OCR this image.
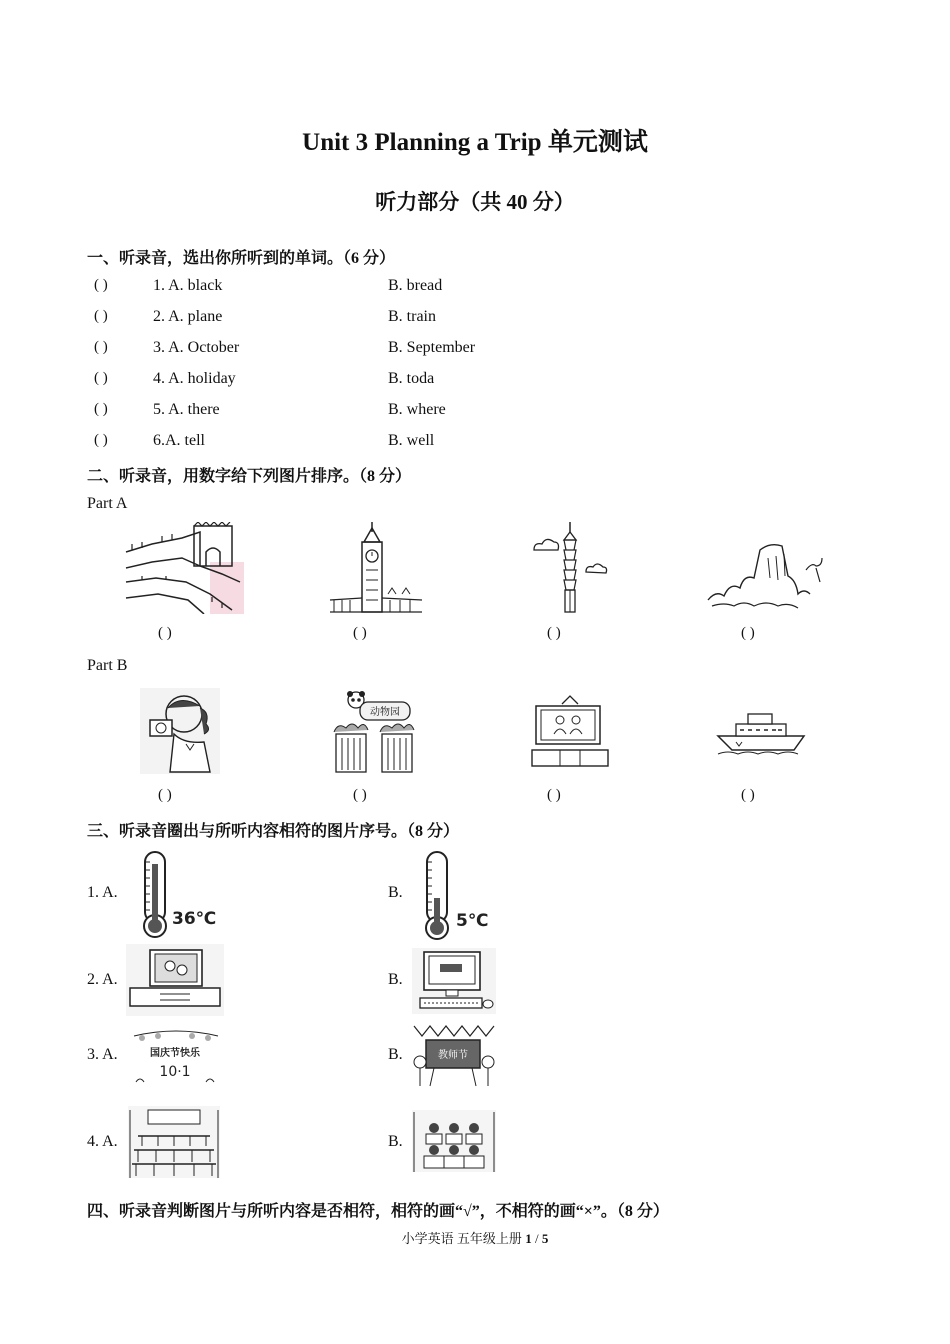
Unit 3 Planning a Trip 单元测试
听力部分（共 40 分）
一、听录音，选出你所听到的单词。（6 分）
( )	1. A. black	B. bread
( )	2. A. plane	B. train
( )	3. A. October	B. September
( )	4. A. holiday	B. toda
( )	5. A. there	B. where
( )	6.A. tell	B. well
二、听录音，用数字给下列图片排序。（8 分）
Part A
( )	( )	( )	( )
Part B
动物园
( )	( )	( )	( )
三、听录音圈出与所听内容相符的图片序号。（8 分）
1. A.
36℃
B.
5℃
2. A.	B.
3. A.	国庆节快乐
10·1
B.	教师节
4. A.	B.
四、听录音判断图片与所听内容是否相符，相符的画“√”，不相符的画“×”。（8 分）
小学英语 五年级上册 1 / 5
